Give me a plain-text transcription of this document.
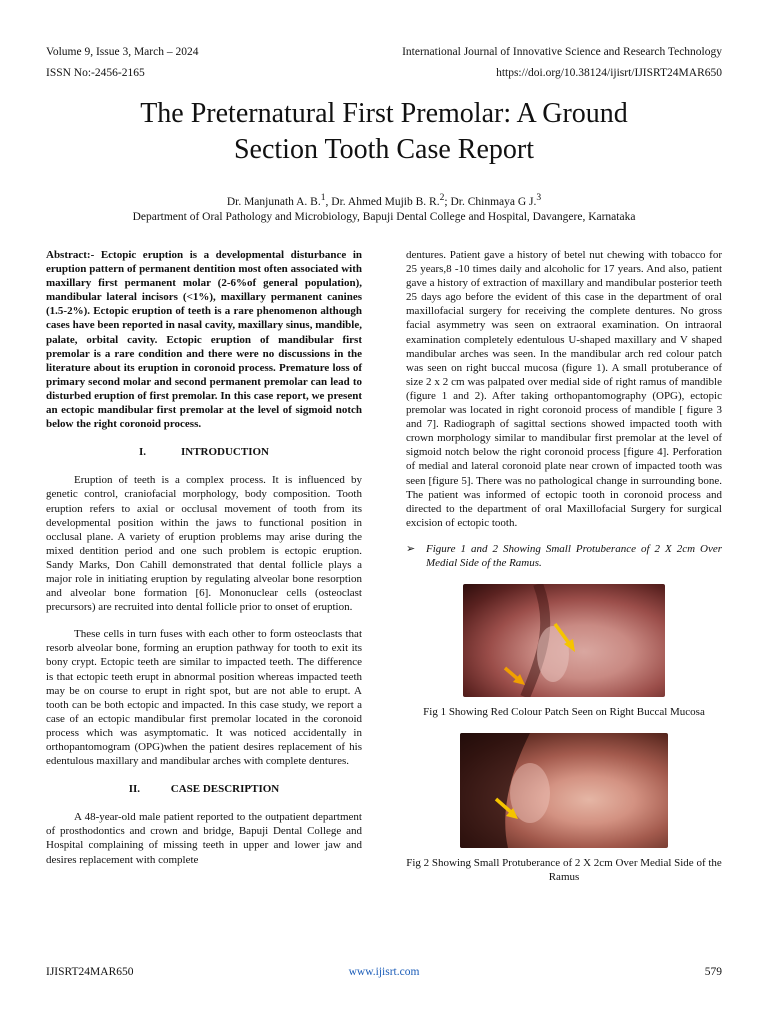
Volume 9, Issue 3, March – 2024	International Journal of Innovative Science and Research Technology
ISSN No:-2456-2165	https://doi.org/10.38124/ijisrt/IJISRT24MAR650
The Preternatural First Premolar: A Ground
Section Tooth Case Report
Dr. Manjunath A. B.$^1$, Dr. Ahmed Mujib B. R.$^2$; Dr. Chinmaya G J.$^3$
Department of Oral Pathology and Microbiology, Bapuji Dental College and Hospital, Davangere, Karnataka

Abstract:- Ectopic eruption is a developmental disturbance in eruption pattern of permanent dentition most often associated with maxillary first permanent molar (2-6%of general population), mandibular lateral incisors (<1%), maxillary permanent canines (1.5-2%). Ectopic eruption of teeth is a rare phenomenon although cases have been reported in nasal cavity, maxillary sinus, mandible, palate, orbital cavity. Ectopic eruption of mandibular first premolar is a rare condition and there were no discussions in the literature about its eruption in coronoid process. Premature loss of primary second molar and second permanent premolar can lead to disturbed eruption of first premolar. In this case report, we present an ectopic mandibular first premolar at the level of sigmoid notch below the right coronoid process.

I.	INTRODUCTION

Eruption of teeth is a complex process. It is influenced by genetic control, craniofacial morphology, body composition. Tooth eruption refers to axial or occlusal movement of tooth from its developmental position within the jaws to functional position in occlusal plane. A variety of eruption problems may arise during the mixed dentition period and one such problem is ectopic eruption. Sandy Marks, Don Cahill demonstrated that dental follicle plays a major role in initiating eruption by regulating alveolar bone resorption and alveolar bone formation [6]. Mononuclear cells (osteoclast precursors) are recruited into dental follicle prior to onset of eruption.

These cells in turn fuses with each other to form osteoclasts that resorb alveolar bone, forming an eruption pathway for tooth to exit its bony crypt. Ectopic teeth are similar to impacted teeth. The difference is that ectopic teeth erupt in abnormal position whereas impacted teeth may be on course to erupt in right spot, but are not able to erupt. A tooth can be both ectopic and impacted. In this case study, we report a case of an ectopic mandibular first premolar located in the coronoid process which was asymptomatic. It was noticed accidentally in orthopantomogram (OPG)when the patient desires replacement of his edentulous maxillary and mandibular arches with complete dentures.

II.	CASE DESCRIPTION

A 48-year-old male patient reported to the outpatient department of prosthodontics and crown and bridge, Bapuji Dental College and Hospital complaining of missing teeth in upper and lower jaw and desires replacement with complete

dentures. Patient gave a history of betel nut chewing with tobacco for 25 years,8 -10 times daily and alcoholic for 17 years. And also, patient gave a history of extraction of maxillary and mandibular posterior teeth 25 days ago before the evident of this case in the department of oral maxillofacial surgery for receiving the complete dentures. No gross facial asymmetry was seen on extraoral examination. On intraoral examination completely edentulous U-shaped maxillary and V shaped mandibular arches was seen. In the mandibular arch red colour patch was seen on right buccal mucosa (figure 1). A small protuberance of size 2 x 2 cm was palpated over medial side of right ramus of mandible (figure 1 and 2). After taking orthopantomography (OPG), ectopic premolar was located in right coronoid process of mandible [ figure 3 and 7]. Radiograph of sagittal sections showed impacted tooth with crown morphology similar to mandibular first premolar at the level of sigmoid notch below the right coronoid process [figure 4]. Perforation of medial and lateral coronoid plate near crown of impacted tooth was seen [figure 5]. There was no pathological change in surrounding bone. The patient was informed of ectopic tooth in coronoid process and directed to the department of oral Maxillofacial Surgery for surgical excision of ectopic tooth.

➢ Figure 1 and 2 Showing Small Protuberance of 2 X 2cm Over Medial Side of the Ramus.
Fig 1 Showing Red Colour Patch Seen on Right Buccal Mucosa
Fig 2 Showing Small Protuberance of 2 X 2cm Over Medial Side of the Ramus
IJISRT24MAR650	www.ijisrt.com	579
